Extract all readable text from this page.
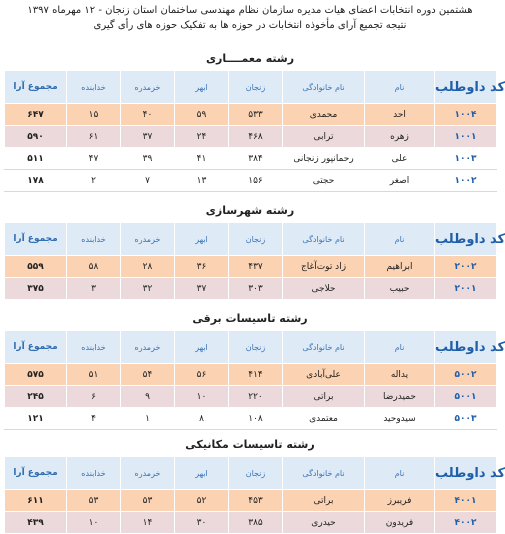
هشتمین دوره انتخابات اعضای هیات مدیره سازمان نظام مهندسی ساختمان استان زنجان - ۱۲ مهرماه ۱۳۹۷
نتیجه تجمیع آرای مأخوذه انتخابات در حوزه ها به تفکیک حوزه های رأی گیری
رشته معمــــاری
مجموع آرا	خدابنده	خرمدره	ابهر	زنجان	نام خانوادگی	نام	کد داوطلب
۶۴۷	۱۵	۴۰	۵۹	۵۳۳	محمدی	احد	۱۰۰۴
۵۹۰	۶۱	۳۷	۲۴	۴۶۸	ترابی	زهره	۱۰۰۱
۵۱۱	۴۷	۳۹	۴۱	۳۸۴	رحمانپور زنجانی	علی	۱۰۰۳
۱۷۸	۲	۷	۱۳	۱۵۶	حجتی	اصغر	۱۰۰۲
رشته شهرسازی
مجموع آرا	خدابنده	خرمدره	ابهر	زنجان	نام خانوادگی	نام	کد داوطلب
۵۵۹	۵۸	۲۸	۳۶	۴۳۷	زاد توت‌آغاج	ابراهیم	۲۰۰۲
۳۷۵	۳	۳۲	۳۷	۳۰۳	حلاجی	حبیب	۲۰۰۱
رشته تاسیسات برقی
مجموع آرا	خدابنده	خرمدره	ابهر	زنجان	نام خانوادگی	نام	کد داوطلب
۵۷۵	۵۱	۵۴	۵۶	۴۱۴	علی‌آبادی	یداله	۵۰۰۲
۲۴۵	۶	۹	۱۰	۲۲۰	براتی	حمیدرضا	۵۰۰۱
۱۲۱	۴	۱	۸	۱۰۸	معتمدی	سیدوحید	۵۰۰۳
رشته تاسیسات مکانیکی
مجموع آرا	خدابنده	خرمدره	ابهر	زنجان	نام خانوادگی	نام	کد داوطلب
۶۱۱	۵۳	۵۳	۵۲	۴۵۳	براتی	فریبرز	۴۰۰۱
۴۳۹	۱۰	۱۴	۳۰	۳۸۵	حیدری	فریدون	۴۰۰۲
